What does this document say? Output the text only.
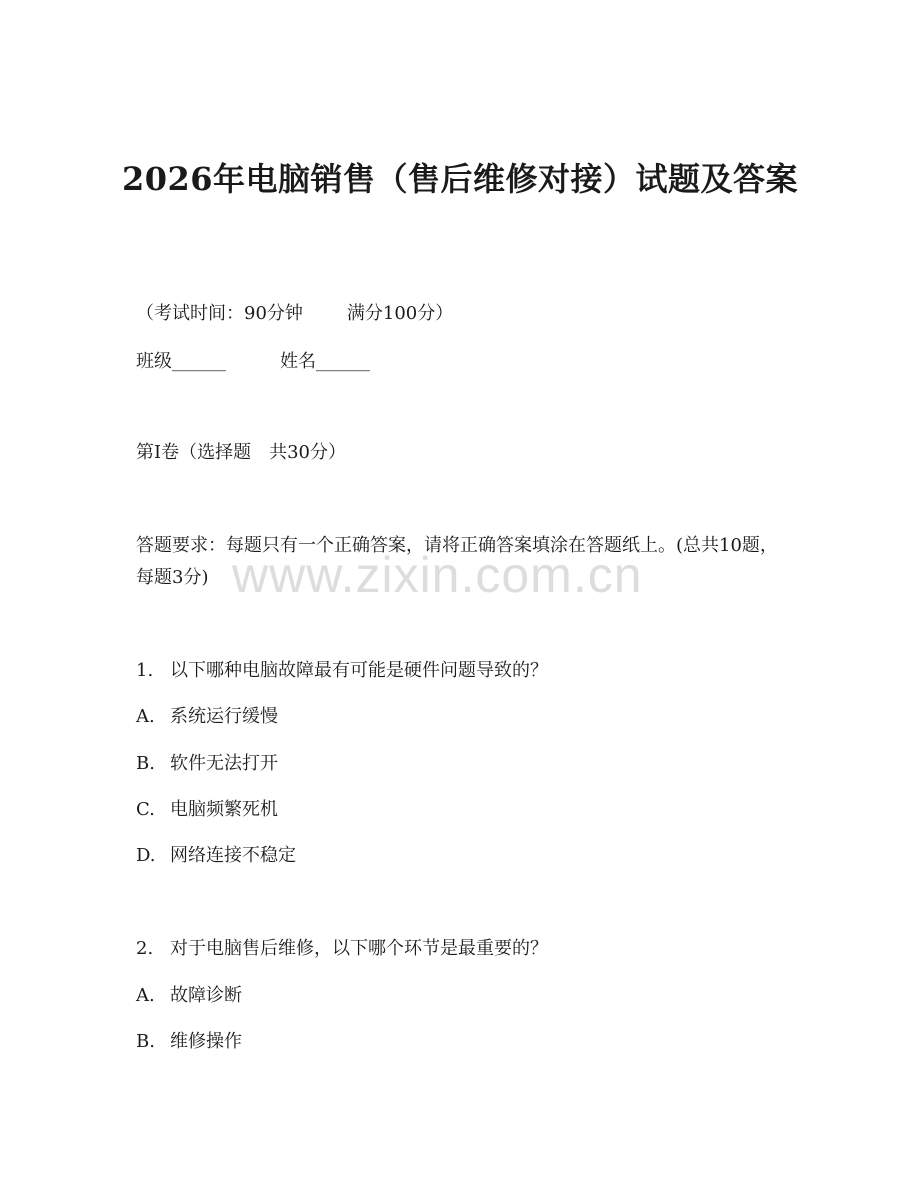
2026年电脑销售（售后维修对接）试题及答案
（考试时间：90分钟 满分100分）
班级______	姓名______
第I卷（选择题　共30分）
答题要求：每题只有一个正确答案，请将正确答案填涂在答题纸上。(总共10题，每题3分)
1. 以下哪种电脑故障最有可能是硬件问题导致的？
A. 系统运行缓慢
B. 软件无法打开
C. 电脑频繁死机
D. 网络连接不稳定
2. 对于电脑售后维修，以下哪个环节是最重要的？
A. 故障诊断
B. 维修操作
www.zixin.com.cn
